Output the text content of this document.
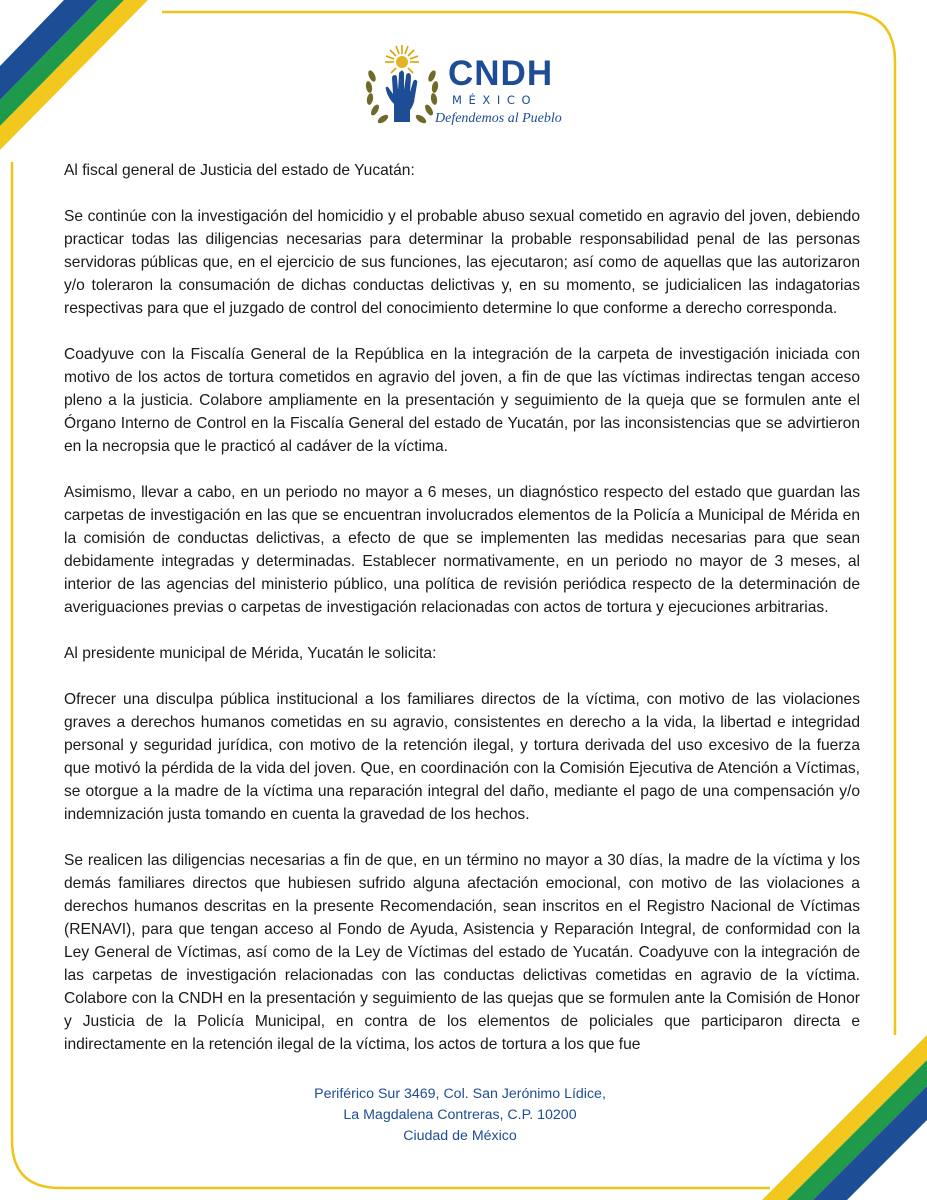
CNDH
MÉXICO
Defendemos al Pueblo

Al fiscal general de Justicia del estado de Yucatán:

Se continúe con la investigación del homicidio y el probable abuso sexual cometido en agravio del joven, debiendo practicar todas las diligencias necesarias para determinar la probable responsabilidad penal de las personas servidoras públicas que, en el ejercicio de sus funciones, las ejecutaron; así como de aquellas que las autorizaron y/o toleraron la consumación de dichas conductas delictivas y, en su momento, se judicialicen las indagatorias respectivas para que el juzgado de control del conocimiento determine lo que conforme a derecho corresponda.

Coadyuve con la Fiscalía General de la República en la integración de la carpeta de investigación iniciada con motivo de los actos de tortura cometidos en agravio del joven, a fin de que las víctimas indirectas tengan acceso pleno a la justicia. Colabore ampliamente en la presentación y seguimiento de la queja que se formulen ante el Órgano Interno de Control en la Fiscalía General del estado de Yucatán, por las inconsistencias que se advirtieron en la necropsia que le practicó al cadáver de la víctima.

Asimismo, llevar a cabo, en un periodo no mayor a 6 meses, un diagnóstico respecto del estado que guardan las carpetas de investigación en las que se encuentran involucrados elementos de la Policía a Municipal de Mérida en la comisión de conductas delictivas, a efecto de que se implementen las medidas necesarias para que sean debidamente integradas y determinadas. Establecer normativamente, en un periodo no mayor de 3 meses, al interior de las agencias del ministerio público, una política de revisión periódica respecto de la determinación de averiguaciones previas o carpetas de investigación relacionadas con actos de tortura y ejecuciones arbitrarias.

Al presidente municipal de Mérida, Yucatán le solicita:

Ofrecer una disculpa pública institucional a los familiares directos de la víctima, con motivo de las violaciones graves a derechos humanos cometidas en su agravio, consistentes en derecho a la vida, la libertad e integridad personal y seguridad jurídica, con motivo de la retención ilegal, y tortura derivada del uso excesivo de la fuerza que motivó la pérdida de la vida del joven. Que, en coordinación con la Comisión Ejecutiva de Atención a Víctimas, se otorgue a la madre de la víctima una reparación integral del daño, mediante el pago de una compensación y/o indemnización justa tomando en cuenta la gravedad de los hechos.

Se realicen las diligencias necesarias a fin de que, en un término no mayor a 30 días, la madre de la víctima y los demás familiares directos que hubiesen sufrido alguna afectación emocional, con motivo de las violaciones a derechos humanos descritas en la presente Recomendación, sean inscritos en el Registro Nacional de Víctimas (RENAVI), para que tengan acceso al Fondo de Ayuda, Asistencia y Reparación Integral, de conformidad con la Ley General de Víctimas, así como de la Ley de Víctimas del estado de Yucatán. Coadyuve con la integración de las carpetas de investigación relacionadas con las conductas delictivas cometidas en agravio de la víctima. Colabore con la CNDH en la presentación y seguimiento de las quejas que se formulen ante la Comisión de Honor y Justicia de la Policía Municipal, en contra de los elementos de policiales que participaron directa e indirectamente en la retención ilegal de la víctima, los actos de tortura a los que fue

Periférico Sur 3469, Col. San Jerónimo Lídice,
La Magdalena Contreras, C.P. 10200
Ciudad de México
